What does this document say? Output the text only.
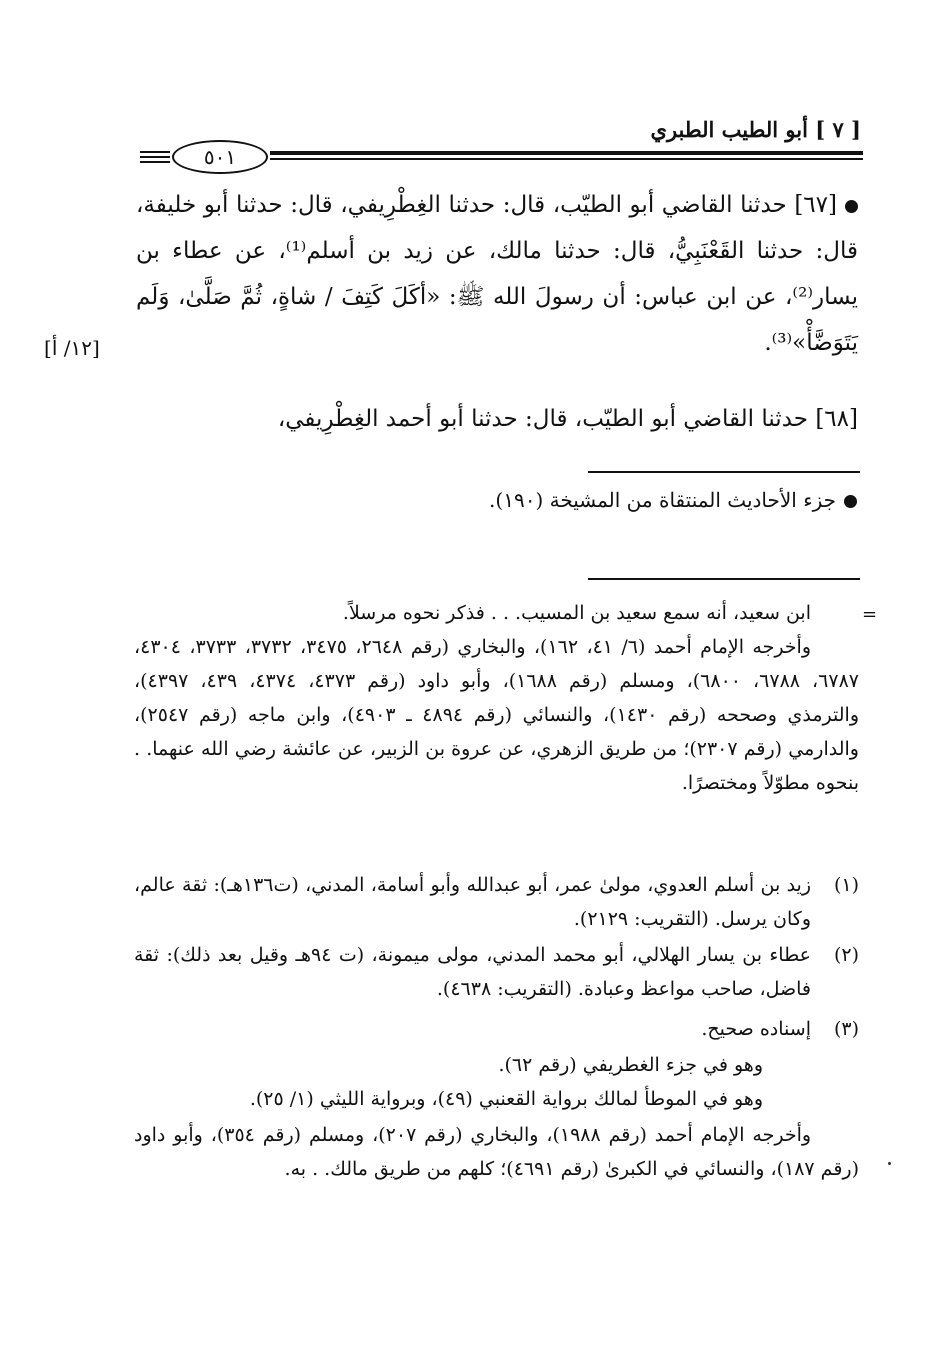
[ ٧ ] أبو الطيب الطبري
٥٠١
[٦٧] حدثنا القاضي أبو الطيّب، قال: حدثنا الغِطْرِيفي، قال: حدثنا أبو خليفة، قال: حدثنا القَعْنَبِيُّ، قال: حدثنا مالك، عن زيد بن أسلم⁽¹⁾، عن عطاء بن يسار⁽²⁾، عن ابن عباس: أن رسولَ الله ﷺ: «أكَلَ كَتِفَ / شاةٍ، ثُمَّ صَلَّىٰ، وَلَم يَتَوَضَّأْ»⁽³⁾.
[١٢/ أ]
[٦٨] حدثنا القاضي أبو الطيّب، قال: حدثنا أبو أحمد الغِطْرِيفي،
جزء الأحاديث المنتقاة من المشيخة (١٩٠).
=
ابن سعيد، أنه سمع سعيد بن المسيب. . . فذكر نحوه مرسلاً.
وأخرجه الإمام أحمد (٦/ ٤١، ١٦٢)، والبخاري (رقم ٢٦٤٨، ٣٤٧٥، ٣٧٣٢، ٣٧٣٣، ٤٣٠٤، ٦٧٨٧، ٦٧٨٨، ٦٨٠٠)، ومسلم (رقم ١٦٨٨)، وأبو داود (رقم ٤٣٧٣، ٤٣٧٤، ٤٣٩، ٤٣٩٧)، والترمذي وصححه (رقم ١٤٣٠)، والنسائي (رقم ٤٨٩٤ ـ ٤٩٠٣)، وابن ماجه (رقم ٢٥٤٧)، والدارمي (رقم ٢٣٠٧)؛ من طريق الزهري، عن عروة بن الزبير، عن عائشة رضي الله عنهما. . بنحوه مطوّلاً ومختصرًا.
(١)
زيد بن أسلم العدوي، مولىٰ عمر، أبو عبدالله وأبو أسامة، المدني، (ت١٣٦هـ): ثقة عالم، وكان يرسل. (التقريب: ٢١٢٩).
(٢)
عطاء بن يسار الهلالي، أبو محمد المدني، مولى ميمونة، (ت ٩٤هـ وقيل بعد ذلك): ثقة فاضل، صاحب مواعظ وعبادة. (التقريب: ٤٦٣٨).
(٣)
إسناده صحيح.
وهو في جزء الغطريفي (رقم ٦٢).
وهو في الموطأ لمالك برواية القعنبي (٤٩)، وبرواية الليثي (١/ ٢٥).
وأخرجه الإمام أحمد (رقم ١٩٨٨)، والبخاري (رقم ٢٠٧)، ومسلم (رقم ٣٥٤)، وأبو داود (رقم ١٨٧)، والنسائي في الكبرىٰ (رقم ٤٦٩١)؛ كلهم من طريق مالك. . به.
